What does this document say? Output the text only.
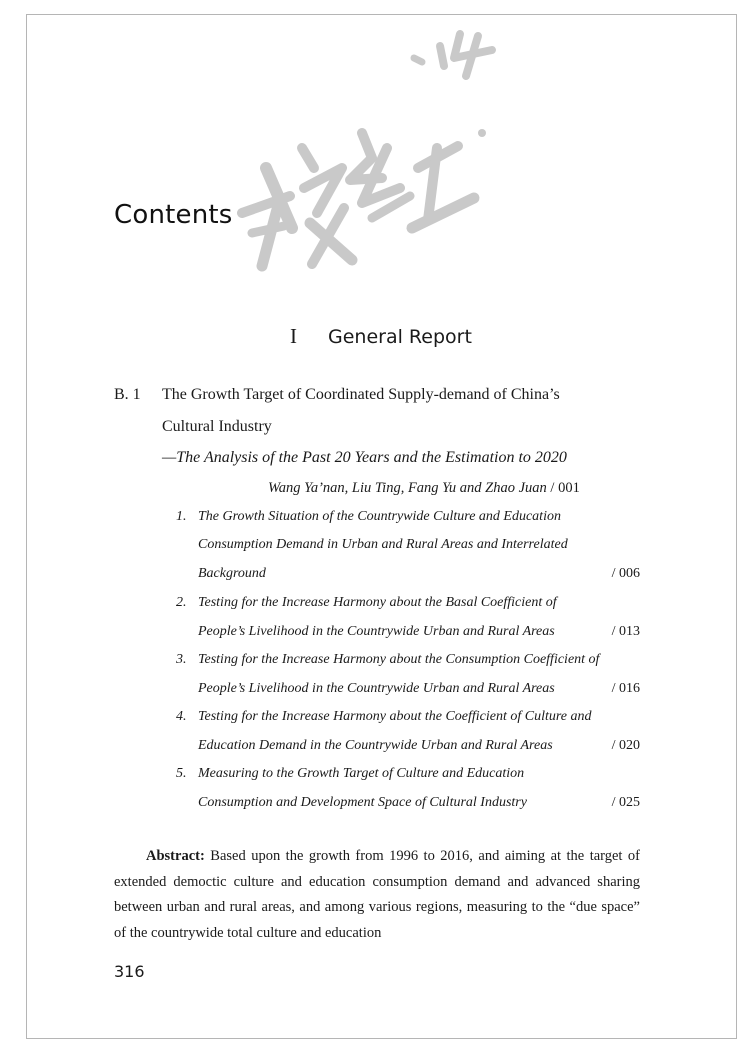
Contents
I General Report
B. 1 The Growth Target of Coordinated Supply-demand of China’s
Cultural Industry
—The Analysis of the Past 20 Years and the Estimation to 2020
Wang Ya’nan, Liu Ting, Fang Yu and Zhao Juan / 001
1. The Growth Situation of the Countrywide Culture and Education
Consumption Demand in Urban and Rural Areas and Interrelated
Background	/ 006
2. Testing for the Increase Harmony about the Basal Coefficient of
People’s Livelihood in the Countrywide Urban and Rural Areas	/ 013
3. Testing for the Increase Harmony about the Consumption Coefficient of
People’s Livelihood in the Countrywide Urban and Rural Areas	/ 016
4. Testing for the Increase Harmony about the Coefficient of Culture and
Education Demand in the Countrywide Urban and Rural Areas	/ 020
5. Measuring to the Growth Target of Culture and Education
Consumption and Development Space of Cultural Industry	/ 025

Abstract: Based upon the growth from 1996 to 2016, and aiming at the target of extended democtic culture and education consumption demand and advanced sharing between urban and rural areas, and among various regions, measuring to the “due space” of the countrywide total culture and education

316
